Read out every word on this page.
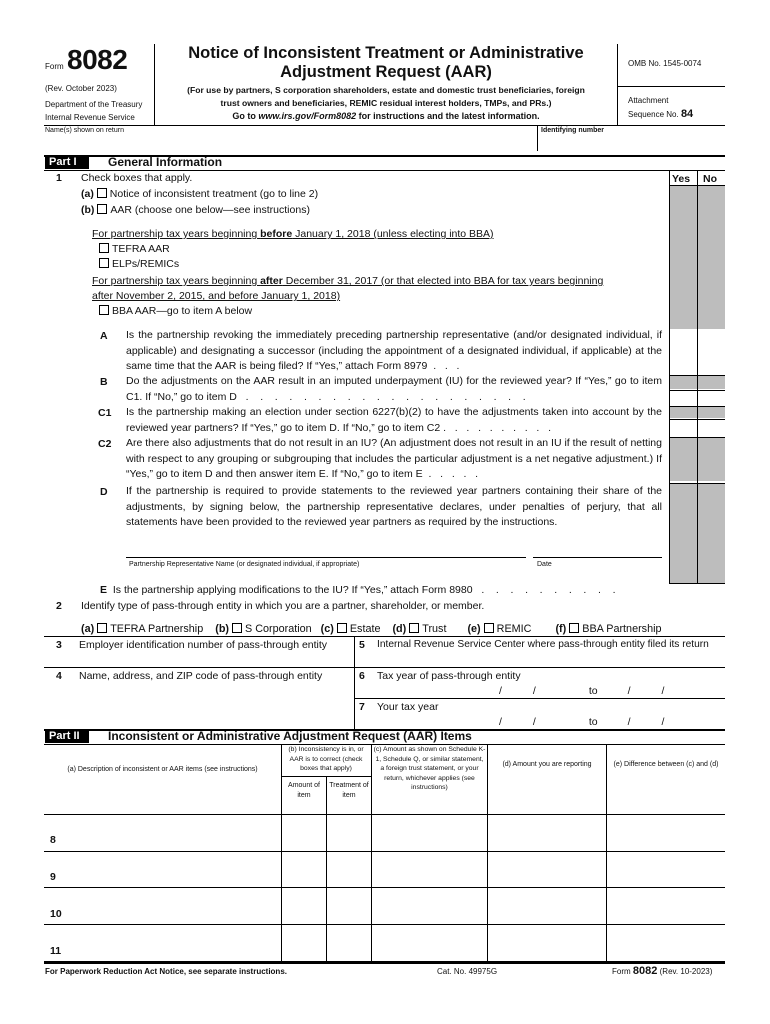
Form 8082
(Rev. October 2023)
Department of the Treasury
Internal Revenue Service
Notice of Inconsistent Treatment or Administrative
Adjustment Request (AAR)
(For use by partners, S corporation shareholders, estate and domestic trust beneficiaries, foreign
trust owners and beneficiaries, REMIC residual interest holders, TMPs, and PRs.)
Go to www.irs.gov/Form8082 for instructions and the latest information.
OMB No. 1545-0074
Attachment
Sequence No. 84
Name(s) shown on return	Identifying number
Part I	General Information
Yes No
1 Check boxes that apply.
(a) Notice of inconsistent treatment (go to line 2)
(b) AAR (choose one below—see instructions)
For partnership tax years beginning before January 1, 2018 (unless electing into BBA)
TEFRA AAR
ELPs/REMICs
For partnership tax years beginning after December 31, 2017 (or that elected into BBA for tax years beginning
after November 2, 2015, and before January 1, 2018)
BBA AAR—go to item A below
A Is the partnership revoking the immediately preceding partnership representative (and/or designated individual, if applicable) and designating a successor (including the appointment of a designated individual, if applicable) at the same time that the AAR is being filed? If “Yes,” attach Form 8979  .   .   .
B Do the adjustments on the AAR result in an imputed underpayment (IU) for the reviewed year? If “Yes,” go to item C1. If “No,” go to item D   .    .    .    .    .    .    .    .    .    .    .    .    .    .    .    .    .    .    .    .
C1 Is the partnership making an election under section 6227(b)(2) to have the adjustments taken into account by the reviewed year partners? If “Yes,” go to item D. If “No,” go to item C2 .   .   .   .   .   .   .   .   .   .
C2 Are there also adjustments that do not result in an IU? (An adjustment does not result in an IU if the result of netting with respect to any grouping or subgrouping that includes the particular adjustment is a net negative adjustment.) If “Yes,” go to item D and then answer item E. If “No,” go to item E  .   .   .   .   .
D If the partnership is required to provide statements to the reviewed year partners containing their share of the adjustments, by signing below, the partnership representative declares, under penalties of perjury, that all statements have been provided to the reviewed year partners as required by the instructions.
Partnership Representative Name (or designated individual, if appropriate)	Date
E Is the partnership applying modifications to the IU? If “Yes,” attach Form 8980   .    .    .    .    .    .    .    .    .    .
2 Identify type of pass-through entity in which you are a partner, shareholder, or member.
(a) TEFRA Partnership (b) S Corporation (c) Estate (d) Trust (e) REMIC (f) BBA Partnership
3 Employer identification number of pass-through entity	5 Internal Revenue Service Center where pass-through entity filed its return
4 Name, address, and ZIP code of pass-through entity	6 Tax year of pass-through entity
/	/	to	/	/
7 Your tax year
/	/	to	/	/
Part II	Inconsistent or Administrative Adjustment Request (AAR) Items
(a) Description of inconsistent or AAR items (see instructions)
(b) Inconsistency is in, or AAR is to correct (check boxes that apply)
Amount of item
Treatment of item
(c) Amount as shown on Schedule K-1, Schedule Q, or similar statement, a foreign trust statement, or your return, whichever applies (see instructions)
(d) Amount you are reporting	(e) Difference between (c) and (d)
8
9
10
11
For Paperwork Reduction Act Notice, see separate instructions.	Cat. No. 49975G	Form 8082 (Rev. 10-2023)
